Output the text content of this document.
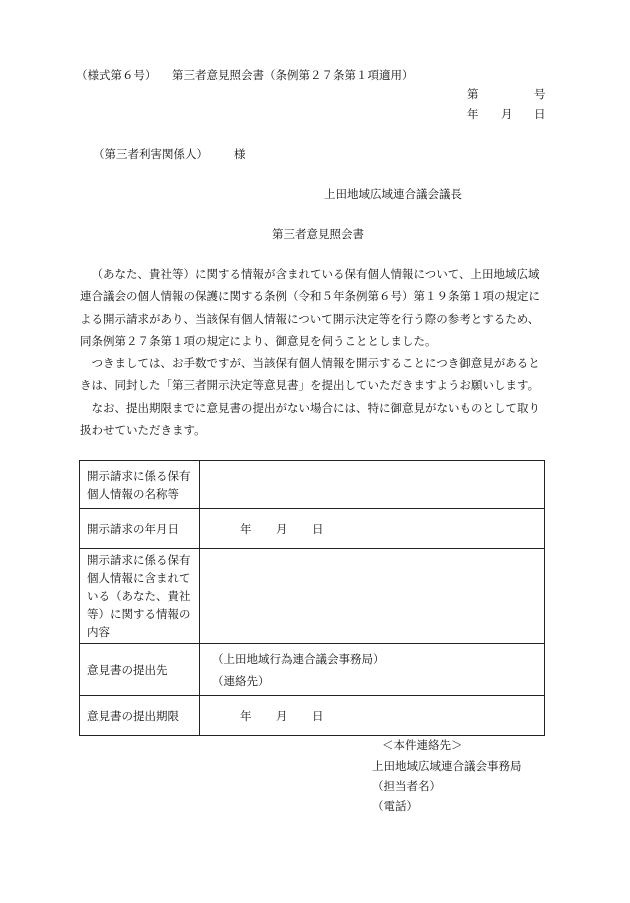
（様式第６号） 第三者意見照会書（条例第２７条第１項適用）
第	号
年 月 日
（第三者利害関係人） 様
上田地域広域連合議会議長
第三者意見照会書

（あなた、貴社等）に関する情報が含まれている保有個人情報について、上田地域広域連合議会の個人情報の保護に関する条例（令和５年条例第６号）第１９条第１項の規定による開示請求があり、当該保有個人情報について開示決定等を行う際の参考とするため、同条例第２７条第１項の規定により、御意見を伺うこととしました。

つきましては、お手数ですが、当該保有個人情報を開示することにつき御意見があるときは、同封した「第三者開示決定等意見書」を提出していただきますようお願いします。

なお、提出期限までに意見書の提出がない場合には、特に御意見がないものとして取り扱わせていただきます。

開示請求に係る保有個人情報の名称等	
開示請求の年月日	年 月 日
開示請求に係る保有個人情報に含まれている（あなた、貴社等）に関する情報の内容	
意見書の提出先	（上田地域行為連合議会事務局）
（連絡先）

意見書の提出期限	年 月 日
＜本件連絡先＞
上田地域広域連合議会事務局
（担当者名）
（電話）
